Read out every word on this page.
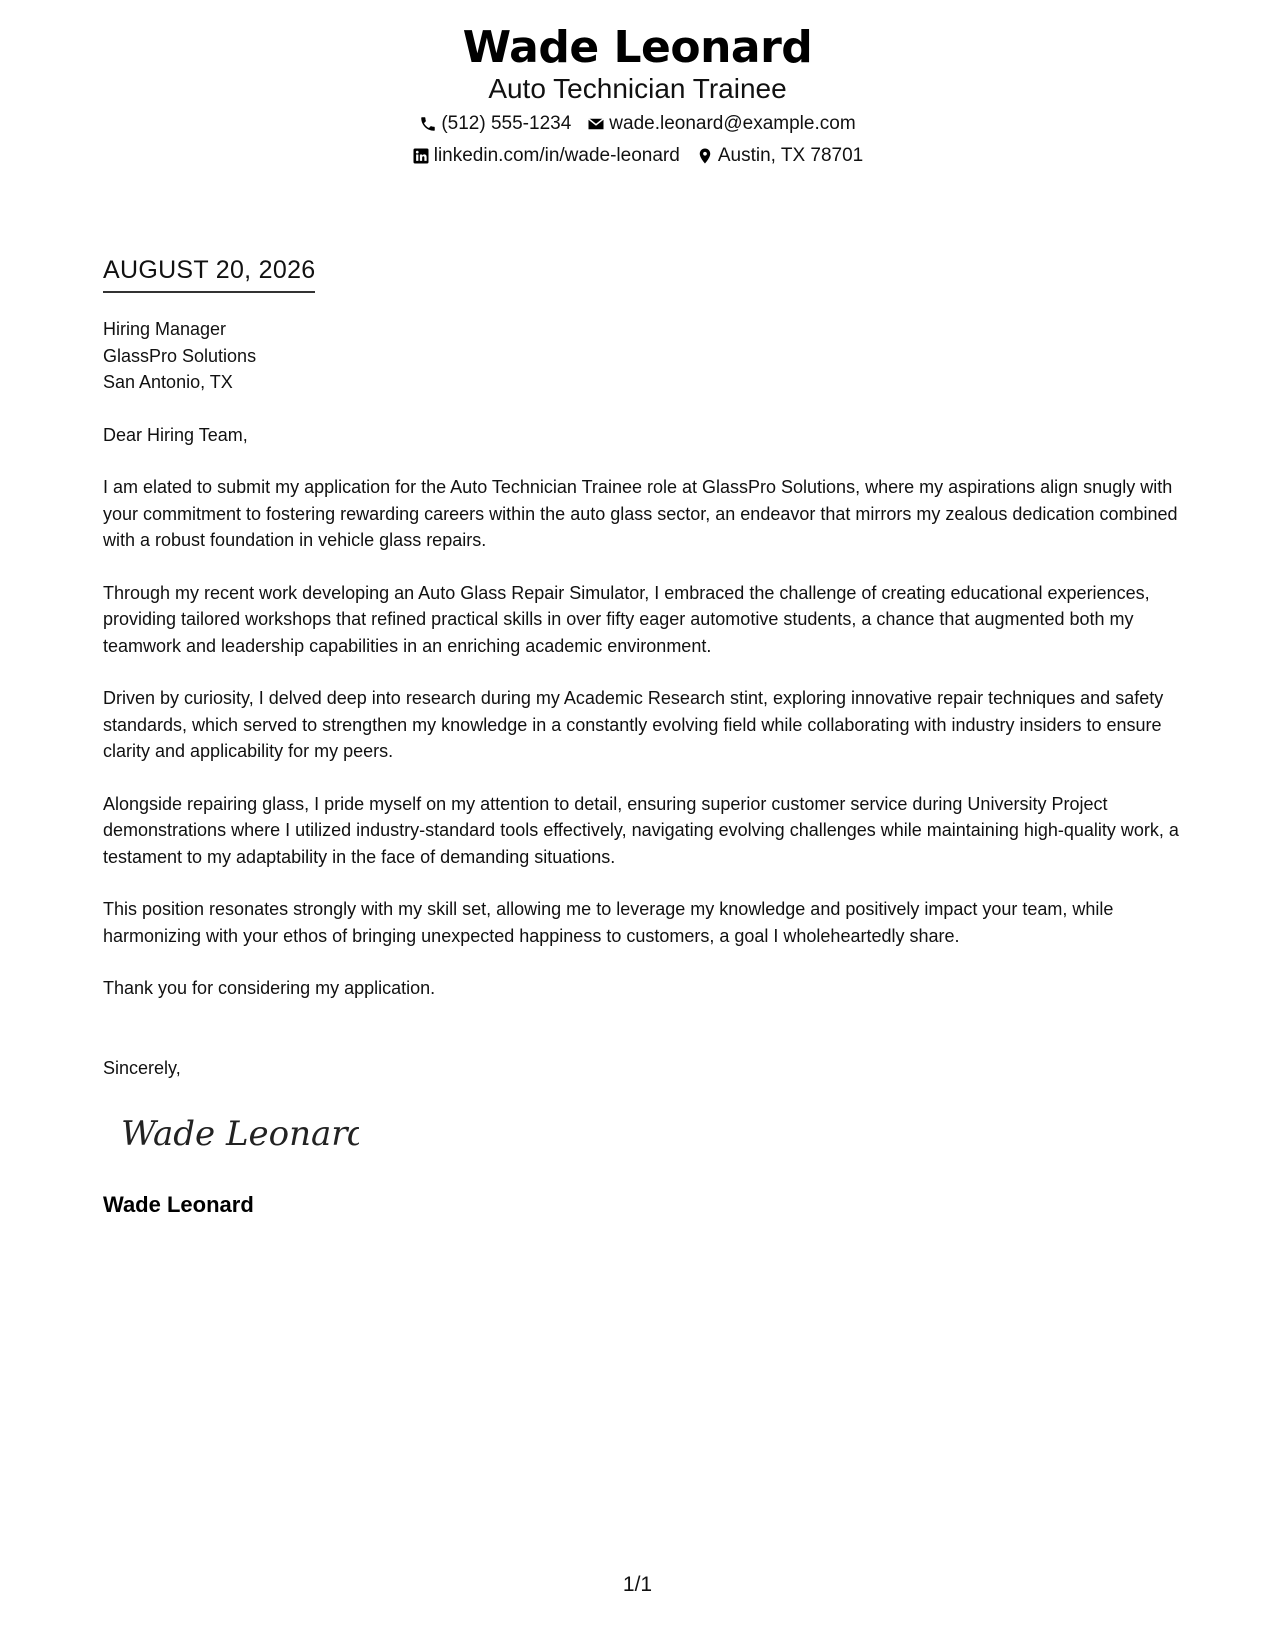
Wade Leonard
Auto Technician Trainee
(512) 555-1234 wade.leonard@example.com
linkedin.com/in/wade-leonard Austin, TX 78701
AUGUST 20, 2026
Hiring Manager
GlassPro Solutions
San Antonio, TX

Dear Hiring Team,

I am elated to submit my application for the Auto Technician Trainee role at GlassPro Solutions, where my aspirations align snugly with your commitment to fostering rewarding careers within the auto glass sector, an endeavor that mirrors my zealous dedication combined with a robust foundation in vehicle glass repairs.

Through my recent work developing an Auto Glass Repair Simulator, I embraced the challenge of creating educational experiences, providing tailored workshops that refined practical skills in over fifty eager automotive students, a chance that augmented both my teamwork and leadership capabilities in an enriching academic environment.

Driven by curiosity, I delved deep into research during my Academic Research stint, exploring innovative repair techniques and safety standards, which served to strengthen my knowledge in a constantly evolving field while collaborating with industry insiders to ensure clarity and applicability for my peers.

Alongside repairing glass, I pride myself on my attention to detail, ensuring superior customer service during University Project demonstrations where I utilized industry-standard tools effectively, navigating evolving challenges while maintaining high-quality work, a testament to my adaptability in the face of demanding situations.

This position resonates strongly with my skill set, allowing me to leverage my knowledge and positively impact your team, while harmonizing with your ethos of bringing unexpected happiness to customers, a goal I wholeheartedly share.

Thank you for considering my application.

Sincerely,
Wade Leonard
Wade Leonard
1/1
